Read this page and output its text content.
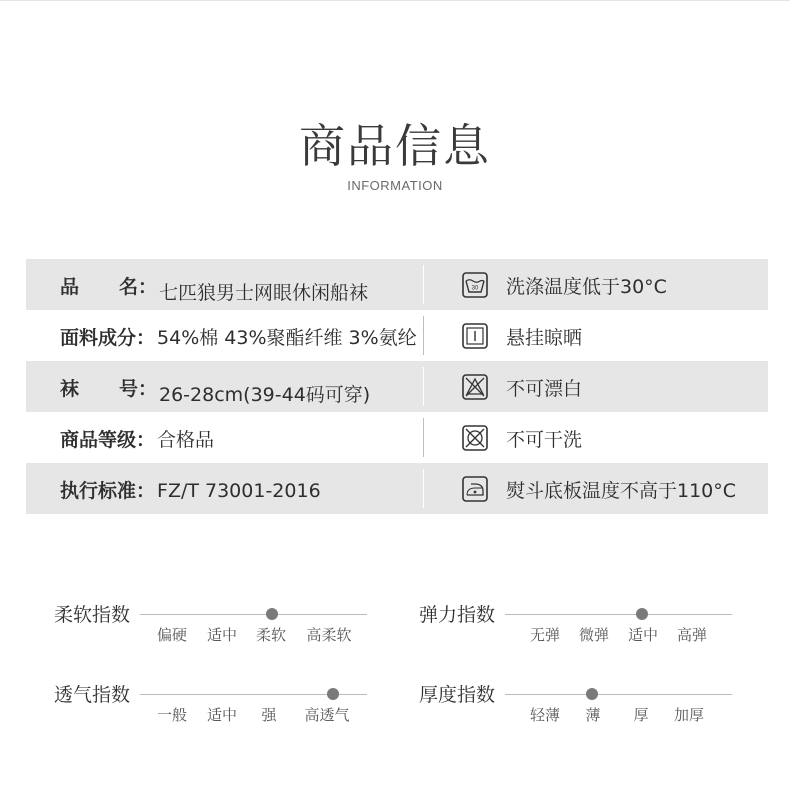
商品信息
INFORMATION
品 名： 七匹狼男士网眼休闲船袜	30 洗涤温度低于30°C
面料成分： 54%棉 43%聚酯纤维 3%氨纶	悬挂晾晒
袜 号： 26-28cm(39-44码可穿)	不可漂白
商品等级： 合格品	不可干洗
执行标准： FZ/T 73001-2016	熨斗底板温度不高于110°C
柔软指数
偏硬 适中 柔软 高柔软
弹力指数
无弹 微弹 适中 高弹
透气指数
一般 适中 强 高透气
厚度指数
轻薄 薄 厚 加厚
